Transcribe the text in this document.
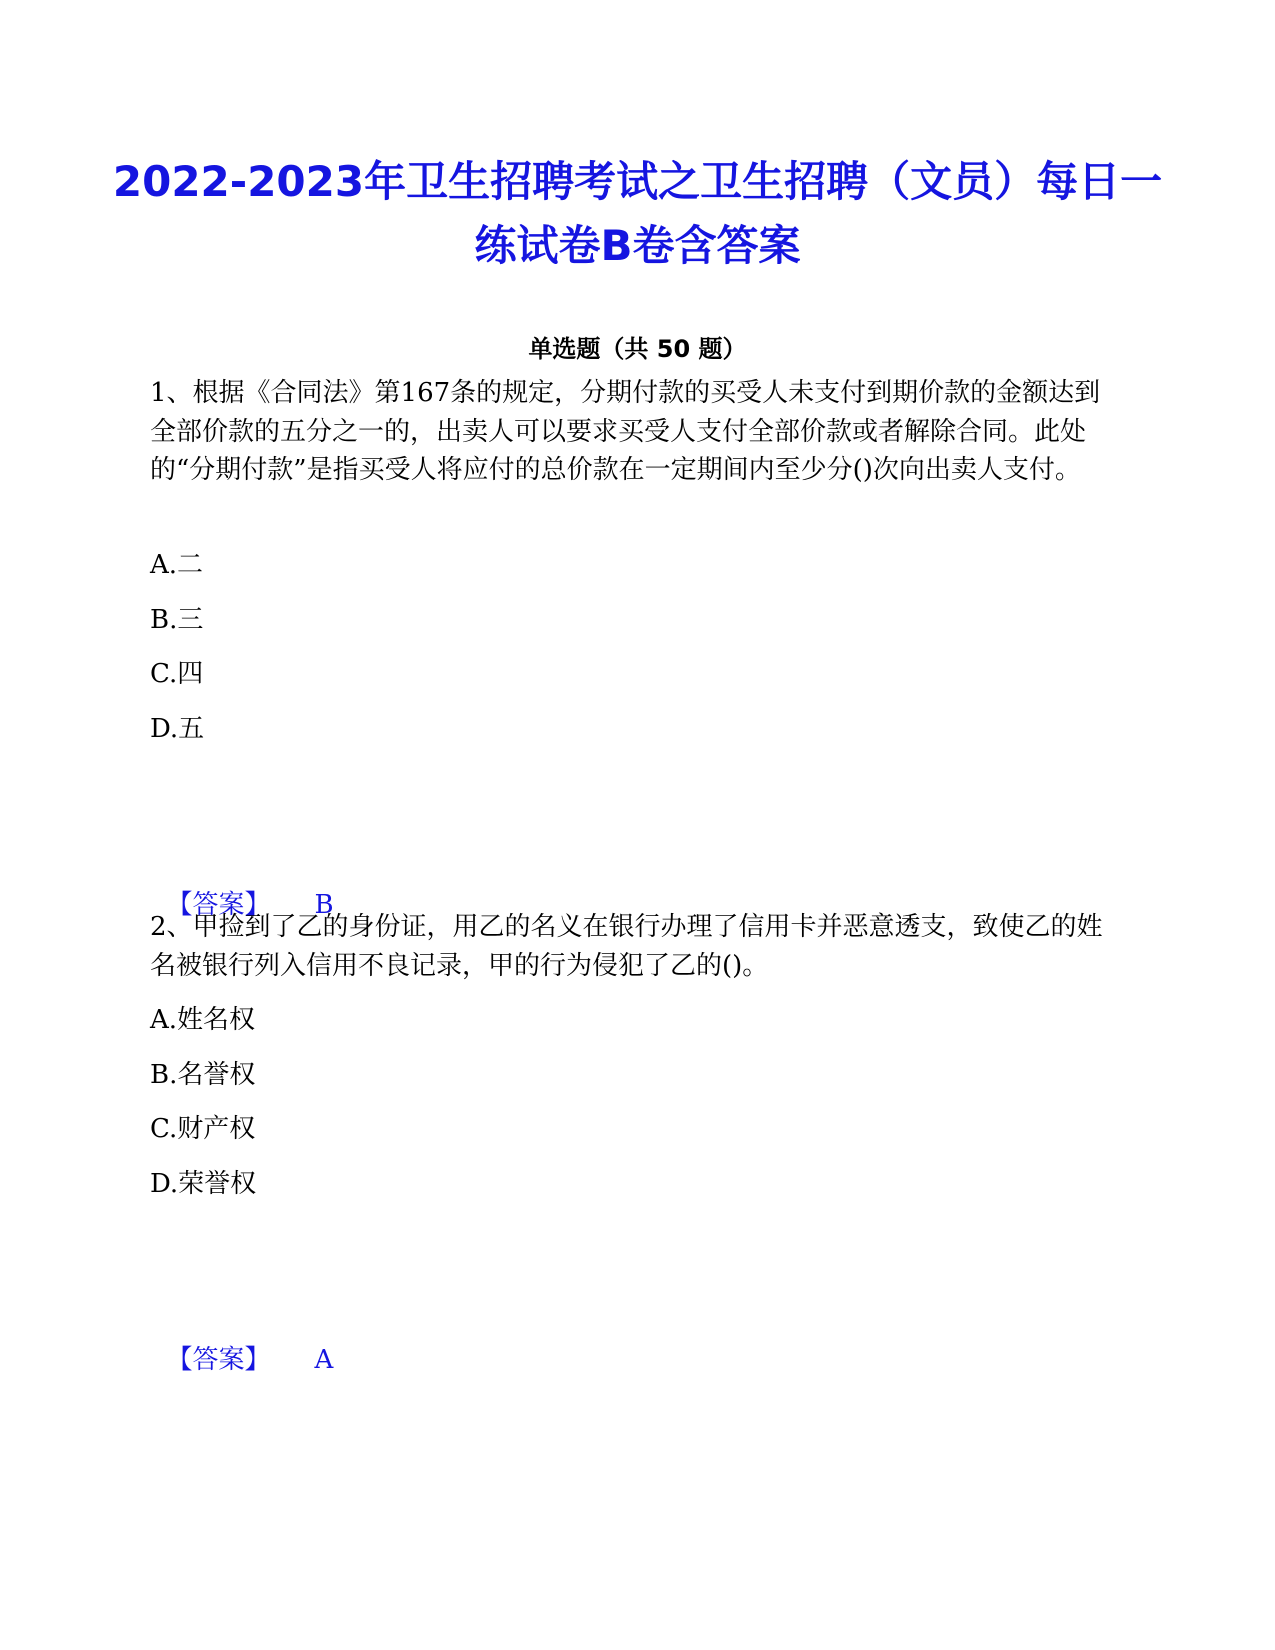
2022-2023年卫生招聘考试之卫生招聘（文员）每日一练试卷B卷含答案
单选题（共 50 题）

1、根据《合同法》第167条的规定，分期付款的买受人未支付到期价款的金额达到全部价款的五分之一的，出卖人可以要求买受人支付全部价款或者解除合同。此处的“分期付款”是指买受人将应付的总价款在一定期间内至少分()次向出卖人支付。

A.二
B.三
C.四
D.五

【答案】 B

2、甲捡到了乙的身份证，用乙的名义在银行办理了信用卡并恶意透支，致使乙的姓名被银行列入信用不良记录，甲的行为侵犯了乙的()。

A.姓名权
B.名誉权
C.财产权
D.荣誉权

【答案】 A
